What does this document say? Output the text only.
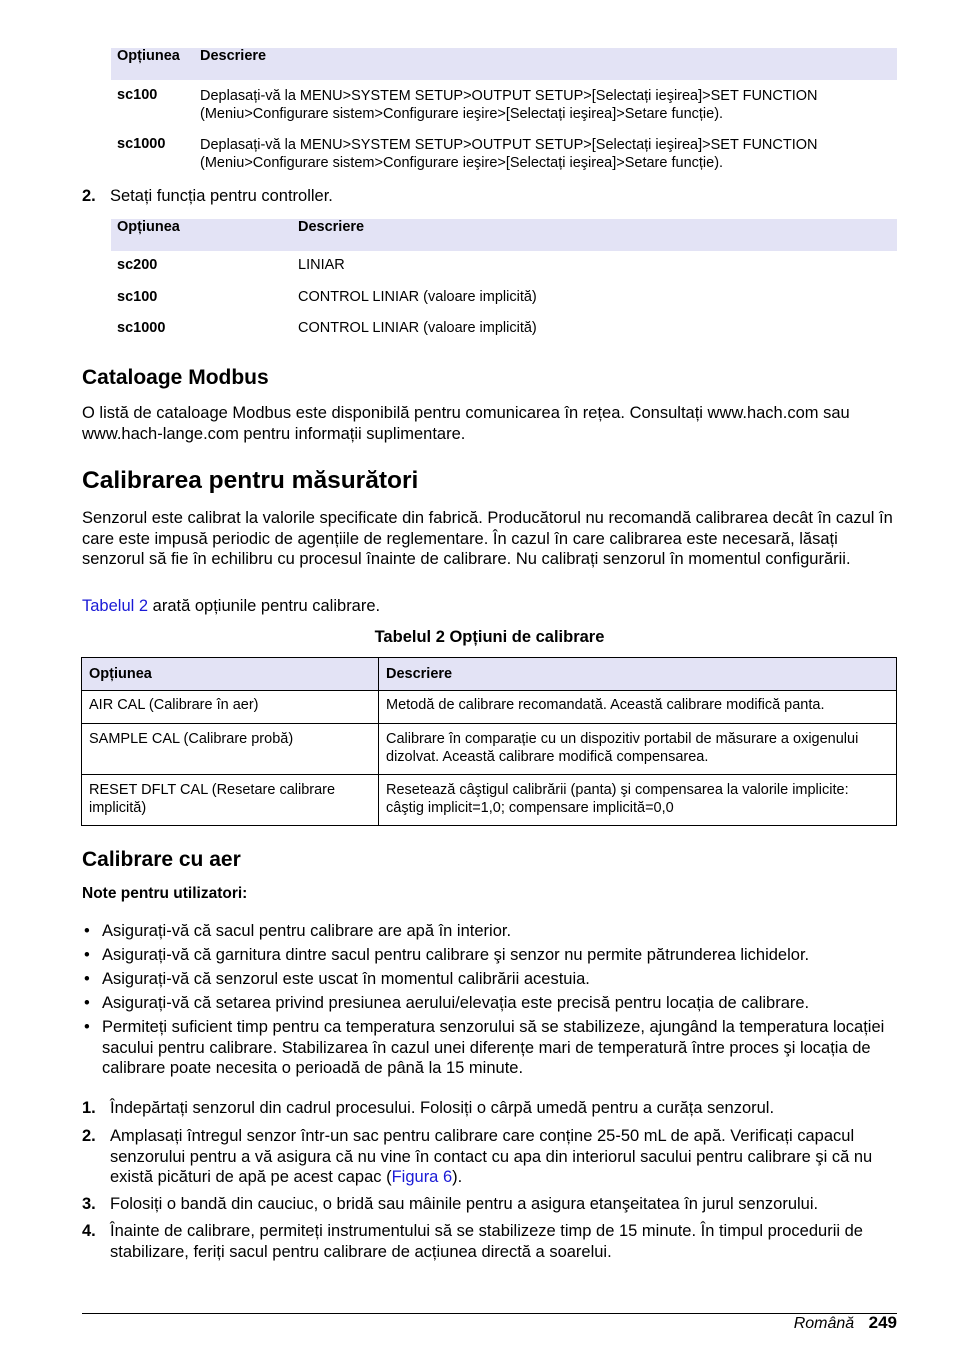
Opțiunea	Descriere
sc100	Deplasați-vă la MENU>SYSTEM SETUP>OUTPUT SETUP>[Selectați ieşirea]>SET FUNCTION
(Meniu>Configurare sistem>Configurare ieşire>[Selectați ieşirea]>Setare funcție).

sc1000	Deplasați-vă la MENU>SYSTEM SETUP>OUTPUT SETUP>[Selectați ieşirea]>SET FUNCTION
(Meniu>Configurare sistem>Configurare ieşire>[Selectați ieşirea]>Setare funcție).
2. Setați funcția pentru controller.
Opțiunea	Descriere
sc200	LINIAR
sc100	CONTROL LINIAR (valoare implicită)
sc1000	CONTROL LINIAR (valoare implicită)
Cataloage Modbus

O listă de cataloage Modbus este disponibilă pentru comunicarea în rețea. Consultați www.hach.com sau www.hach-lange.com pentru informații suplimentare.

Calibrarea pentru măsurători

Senzorul este calibrat la valorile specificate din fabrică. Producătorul nu recomandă calibrarea decât în cazul în care este impusă periodic de agențiile de reglementare. În cazul în care calibrarea este necesară, lăsați senzorul să fie în echilibru cu procesul înainte de calibrare. Nu calibrați senzorul în momentul configurării.

Tabelul 2 arată opțiunile pentru calibrare.

Tabelul 2 Opțiuni de calibrare
Opțiunea	Descriere
AIR CAL (Calibrare în aer)	Metodă de calibrare recomandată. Această calibrare modifică panta.
SAMPLE CAL (Calibrare probă)	Calibrare în comparație cu un dispozitiv portabil de măsurare a oxigenului dizolvat. Această calibrare modifică compensarea.
RESET DFLT CAL (Resetare calibrare implicită)	Resetează câştigul calibrării (panta) şi compensarea la valorile implicite: câştig implicit=1,0; compensare implicită=0,0
Calibrare cu aer
Note pentru utilizatori:
• Asigurați-vă că sacul pentru calibrare are apă în interior.
• Asigurați-vă că garnitura dintre sacul pentru calibrare şi senzor nu permite pătrunderea lichidelor.
• Asigurați-vă că senzorul este uscat în momentul calibrării acestuia.
• Asigurați-vă că setarea privind presiunea aerului/elevația este precisă pentru locația de calibrare.
• Permiteți suficient timp pentru ca temperatura senzorului să se stabilizeze, ajungând la temperatura locației sacului pentru calibrare. Stabilizarea în cazul unei diferențe mari de temperatură între proces şi locația de calibrare poate necesita o perioadă de până la 15 minute.
1. Îndepărtați senzorul din cadrul procesului. Folosiți o cârpă umedă pentru a curăța senzorul.
2. Amplasați întregul senzor într-un sac pentru calibrare care conține 25-50 mL de apă. Verificați capacul senzorului pentru a vă asigura că nu vine în contact cu apa din interiorul sacului pentru calibrare şi că nu există picături de apă pe acest capac (Figura 6).
3. Folosiți o bandă din cauciuc, o bridă sau mâinile pentru a asigura etanşeitatea în jurul senzorului.
4. Înainte de calibrare, permiteți instrumentului să se stabilizeze timp de 15 minute. În timpul procedurii de stabilizare, feriți sacul pentru calibrare de acțiunea directă a soarelui.
Română 249
